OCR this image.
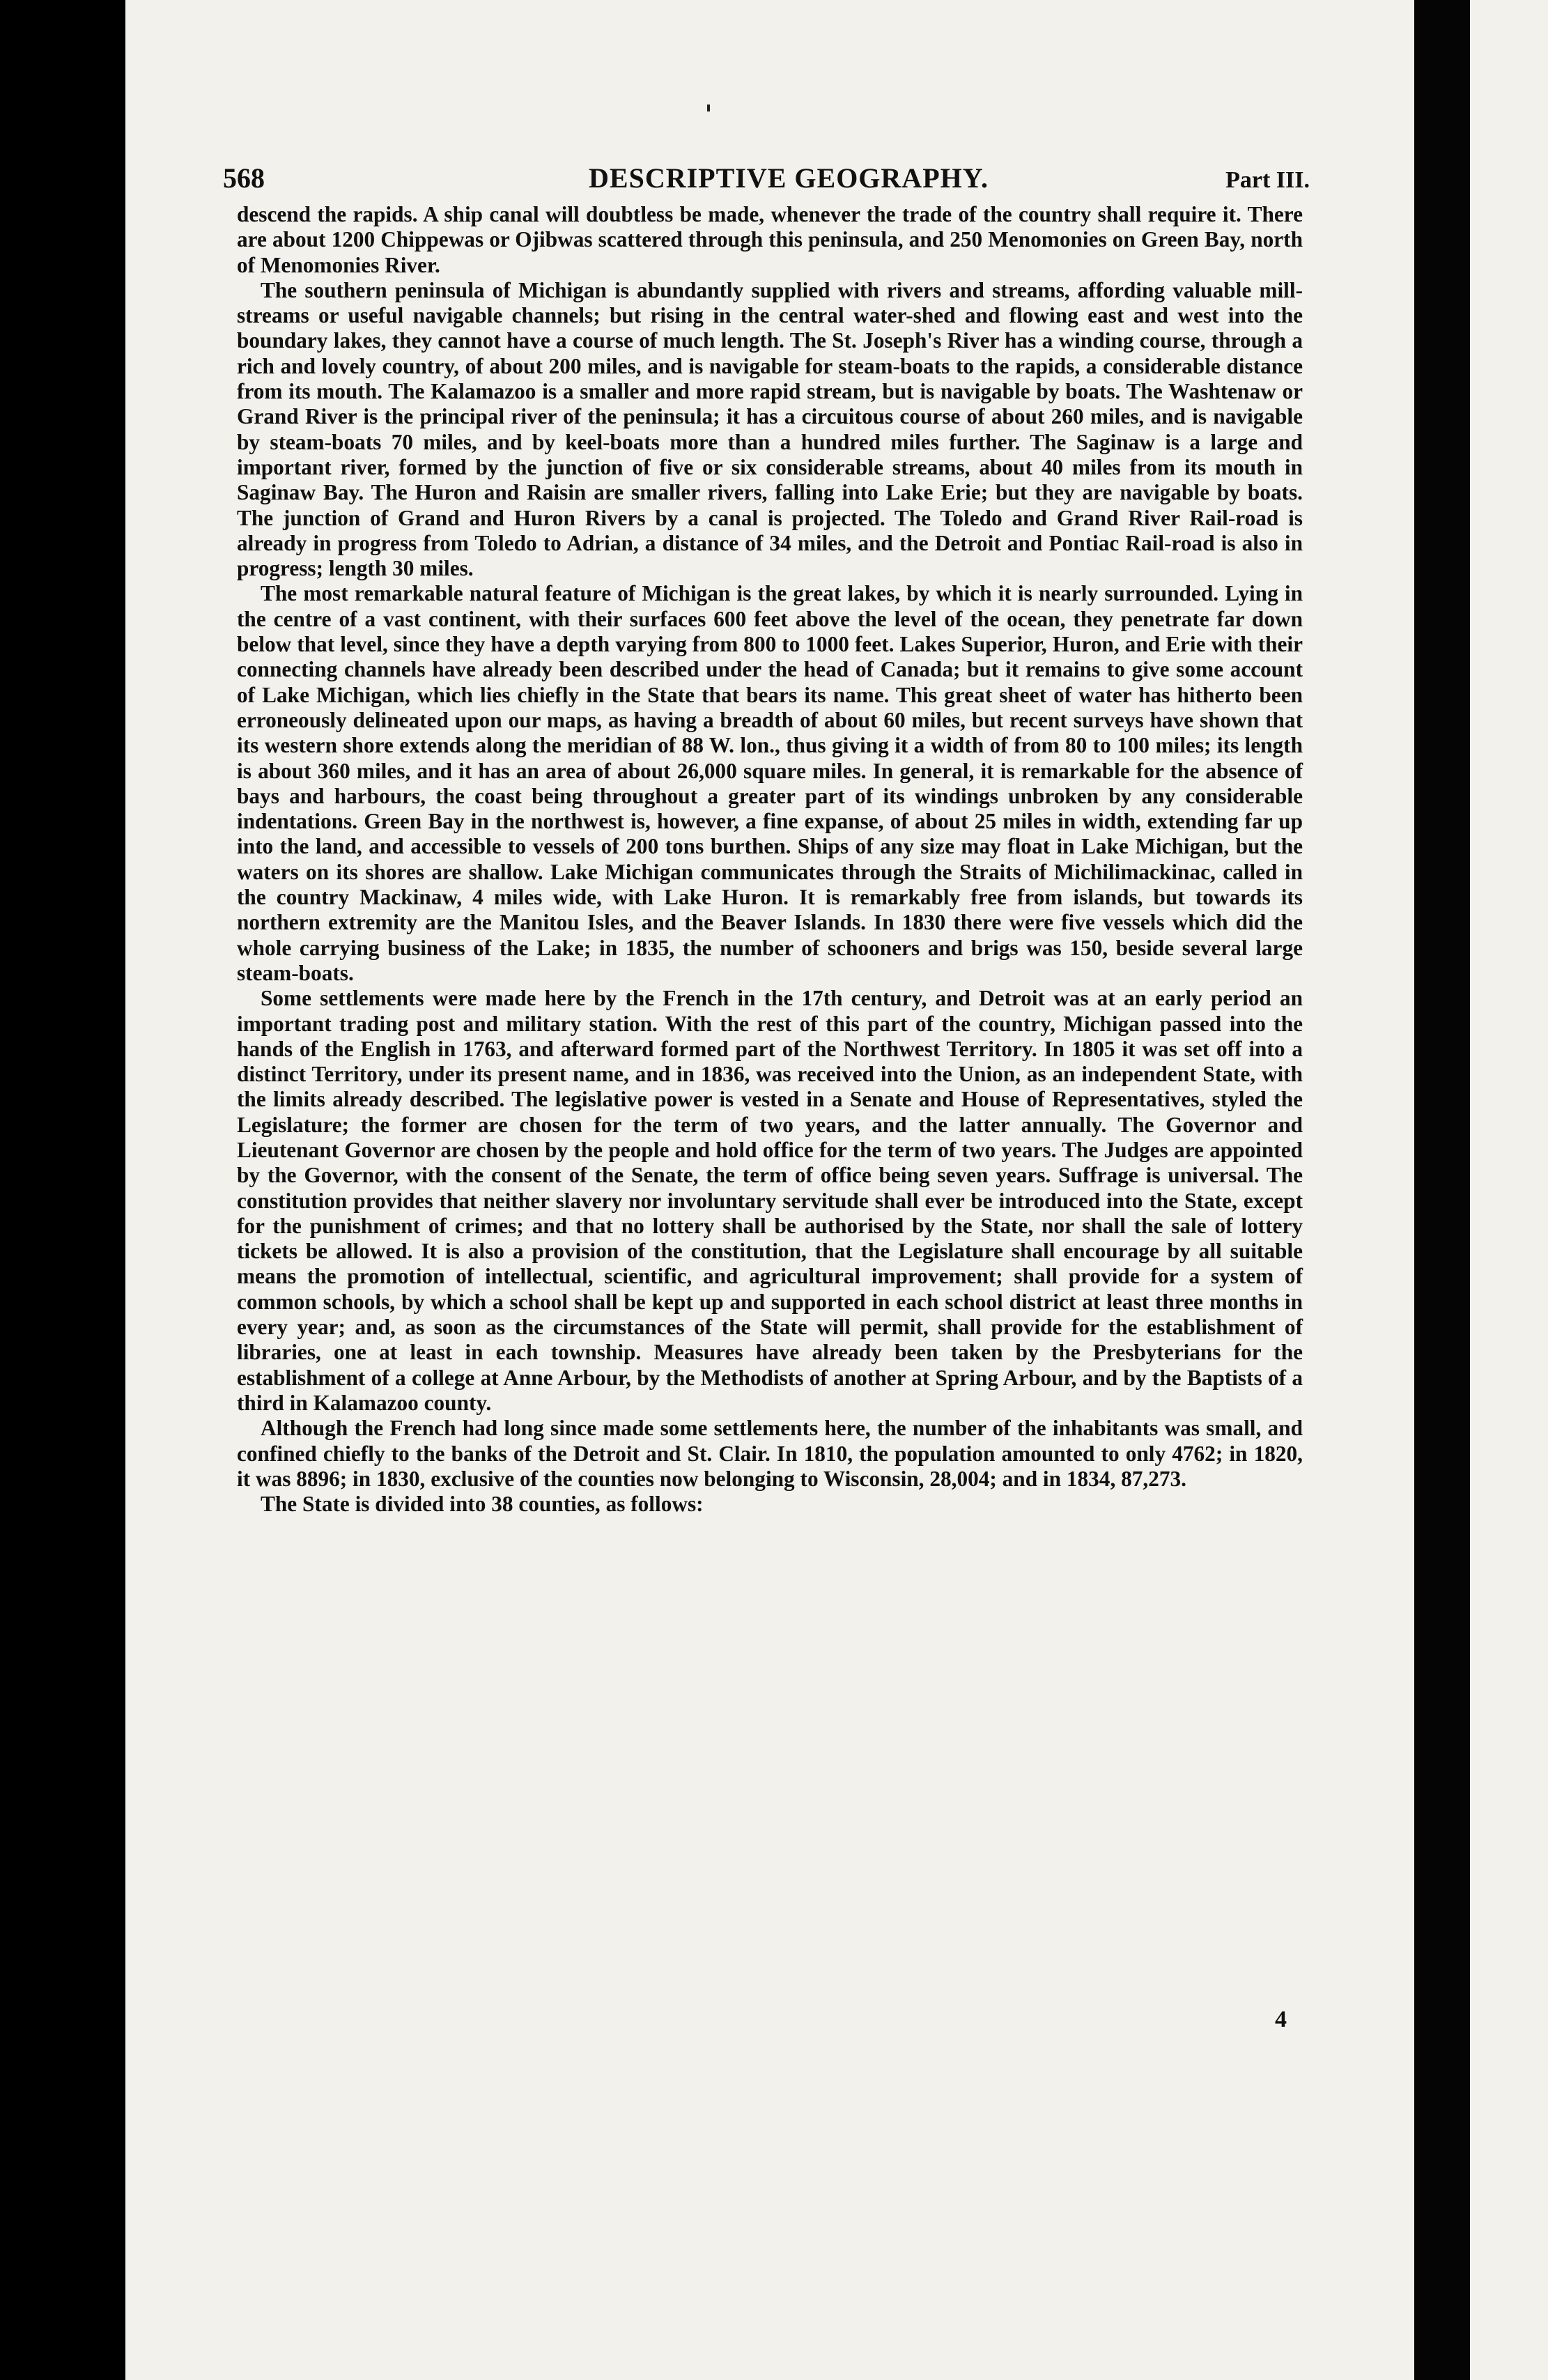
568	DESCRIPTIVE GEOGRAPHY.	Part III.

descend the rapids. A ship canal will doubtless be made, whenever the trade of the country shall require it. There are about 1200 Chippewas or Ojibwas scattered through this peninsula, and 250 Menomonies on Green Bay, north of Menomonies River.

The southern peninsula of Michigan is abundantly supplied with rivers and streams, affording valuable mill-streams or useful navigable channels; but rising in the central water-shed and flowing east and west into the boundary lakes, they cannot have a course of much length. The St. Joseph's River has a winding course, through a rich and lovely country, of about 200 miles, and is navigable for steam-boats to the rapids, a considerable distance from its mouth. The Kalamazoo is a smaller and more rapid stream, but is navigable by boats. The Washtenaw or Grand River is the principal river of the peninsula; it has a circuitous course of about 260 miles, and is navigable by steam-boats 70 miles, and by keel-boats more than a hundred miles further. The Saginaw is a large and important river, formed by the junction of five or six considerable streams, about 40 miles from its mouth in Saginaw Bay. The Huron and Raisin are smaller rivers, falling into Lake Erie; but they are navigable by boats. The junction of Grand and Huron Rivers by a canal is projected. The Toledo and Grand River Rail-road is already in progress from Toledo to Adrian, a distance of 34 miles, and the Detroit and Pontiac Rail-road is also in progress; length 30 miles.

The most remarkable natural feature of Michigan is the great lakes, by which it is nearly surrounded. Lying in the centre of a vast continent, with their surfaces 600 feet above the level of the ocean, they penetrate far down below that level, since they have a depth varying from 800 to 1000 feet. Lakes Superior, Huron, and Erie with their connecting channels have already been described under the head of Canada; but it remains to give some account of Lake Michigan, which lies chiefly in the State that bears its name. This great sheet of water has hitherto been erroneously delineated upon our maps, as having a breadth of about 60 miles, but recent surveys have shown that its western shore extends along the meridian of 88 W. lon., thus giving it a width of from 80 to 100 miles; its length is about 360 miles, and it has an area of about 26,000 square miles. In general, it is remarkable for the absence of bays and harbours, the coast being throughout a greater part of its windings unbroken by any considerable indentations. Green Bay in the northwest is, however, a fine expanse, of about 25 miles in width, extending far up into the land, and accessible to vessels of 200 tons burthen. Ships of any size may float in Lake Michigan, but the waters on its shores are shallow. Lake Michigan communicates through the Straits of Michilimackinac, called in the country Mackinaw, 4 miles wide, with Lake Huron. It is remarkably free from islands, but towards its northern extremity are the Manitou Isles, and the Beaver Islands. In 1830 there were five vessels which did the whole carrying business of the Lake; in 1835, the number of schooners and brigs was 150, beside several large steam-boats.

Some settlements were made here by the French in the 17th century, and Detroit was at an early period an important trading post and military station. With the rest of this part of the country, Michigan passed into the hands of the English in 1763, and afterward formed part of the Northwest Territory. In 1805 it was set off into a distinct Territory, under its present name, and in 1836, was received into the Union, as an independent State, with the limits already described. The legislative power is vested in a Senate and House of Representatives, styled the Legislature; the former are chosen for the term of two years, and the latter annually. The Governor and Lieutenant Governor are chosen by the people and hold office for the term of two years. The Judges are appointed by the Governor, with the consent of the Senate, the term of office being seven years. Suffrage is universal. The constitution provides that neither slavery nor involuntary servitude shall ever be introduced into the State, except for the punishment of crimes; and that no lottery shall be authorised by the State, nor shall the sale of lottery tickets be allowed. It is also a provision of the constitution, that the Legislature shall encourage by all suitable means the promotion of intellectual, scientific, and agricultural improvement; shall provide for a system of common schools, by which a school shall be kept up and supported in each school district at least three months in every year; and, as soon as the circumstances of the State will permit, shall provide for the establishment of libraries, one at least in each township. Measures have already been taken by the Presbyterians for the establishment of a college at Anne Arbour, by the Methodists of another at Spring Arbour, and by the Baptists of a third in Kalamazoo county.

Although the French had long since made some settlements here, the number of the inhabitants was small, and confined chiefly to the banks of the Detroit and St. Clair. In 1810, the population amounted to only 4762; in 1820, it was 8896; in 1830, exclusive of the counties now belonging to Wisconsin, 28,004; and in 1834, 87,273.

The State is divided into 38 counties, as follows:

4
